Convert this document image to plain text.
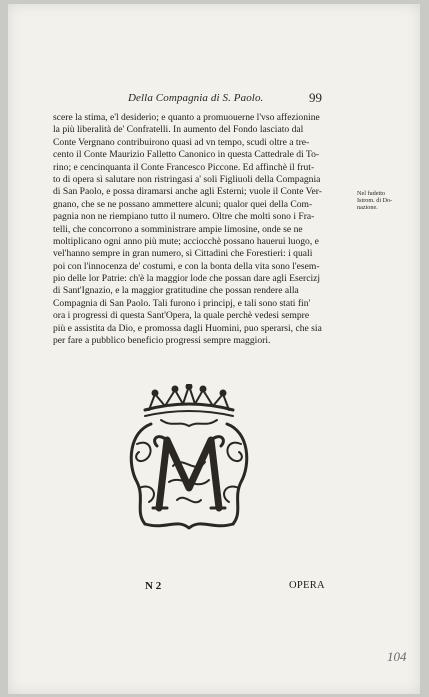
Della Compagnia di S. Paolo.	99
scere la stima, e'l desiderio; e quanto a promuouerne l'vso affezionine
la più liberalità de' Confratelli. In aumento del Fondo lasciato dal
Conte Vergnano contribuirono quasi ad vn tempo, scudi oltre a tre-
cento il Conte Maurizio Falletto Canonico in questa Cattedrale di To-
rino; e cencinquanta il Conte Francesco Piccone. Ed affinchè il frut-
to di opera sì salutare non ristringasi a' soli Figliuoli della Compagnia
di San Paolo, e possa diramarsi anche agli Esterni; vuole il Conte Ver-
gnano, che se ne possano ammettere alcuni; qualor quei della Com-
pagnia non ne riempiano tutto il numero. Oltre che molti sono i Fra-
telli, che concorrono a somministrare ampie limosine, onde se ne
moltiplicano ogni anno più mute; acciocchè possano hauerui luogo, e
vel'hanno sempre in gran numero, sì Cittadini che Forestieri: i quali
poi con l'innocenza de' costumi, e con la bonta della vita sono l'esem-
pio delle lor Patrie: ch'è la maggior lode che possan dare agli Esercizj
di Sant'Ignazio, e la maggior gratitudine che possan rendere alla
Compagnia di San Paolo. Tali furono i principj, e tali sono stati fin'
ora i progressi di questa Sant'Opera, la quale perchè vedesi sempre
più e assistita da Dio, e promossa dagli Huomini, puo sperarsi, che sia
per fare a pubblico beneficio progressi sempre maggiori.
Nel fudetto
Istrom. di Do-
nazione.
N 2	OPERA
104
